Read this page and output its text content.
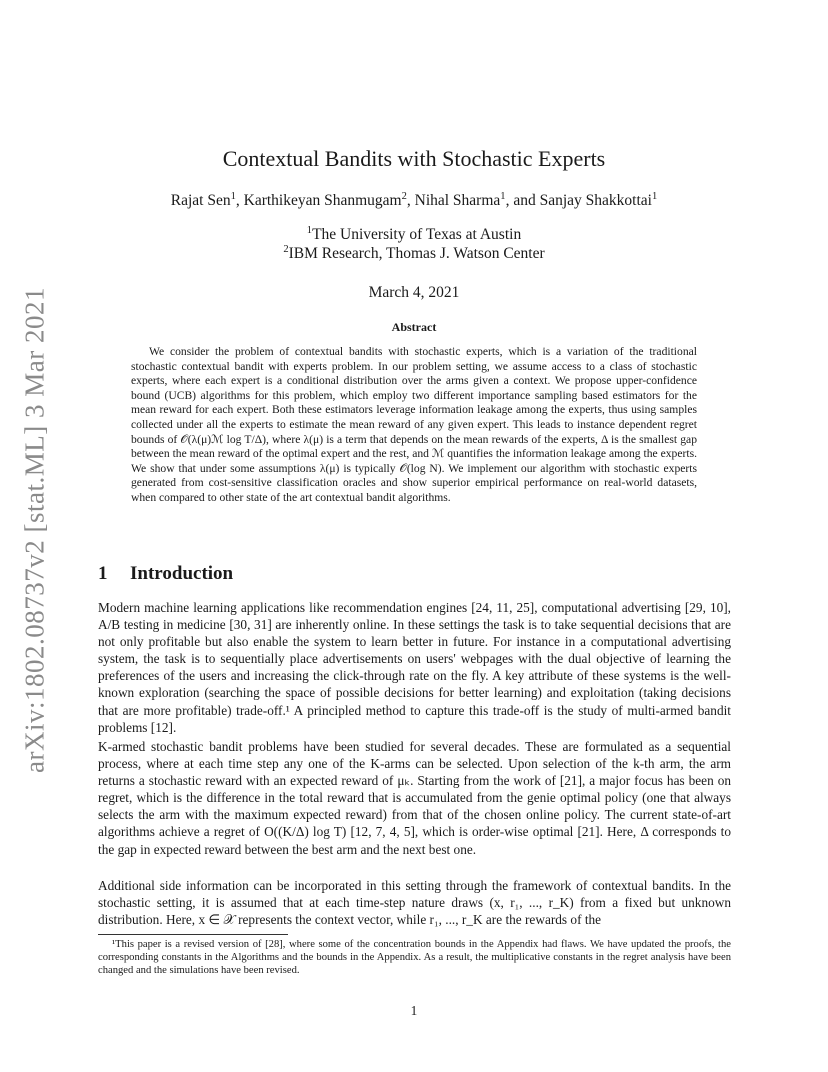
arXiv:1802.08737v2 [stat.ML] 3 Mar 2021
Contextual Bandits with Stochastic Experts
Rajat Sen$^1$, Karthikeyan Shanmugam$^2$, Nihal Sharma$^1$, and Sanjay Shakkottai$^1$
$^1$The University of Texas at Austin
$^2$IBM Research, Thomas J. Watson Center
March 4, 2021
Abstract

We consider the problem of contextual bandits with stochastic experts, which is a variation of the traditional stochastic contextual bandit with experts problem. In our problem setting, we assume access to a class of stochastic experts, where each expert is a conditional distribution over the arms given a context. We propose upper-confidence bound (UCB) algorithms for this problem, which employ two different importance sampling based estimators for the mean reward for each expert. Both these estimators leverage information leakage among the experts, thus using samples collected under all the experts to estimate the mean reward of any given expert. This leads to instance dependent regret bounds of 𝒪(λ(μ)ℳ log T/Δ), where λ(μ) is a term that depends on the mean rewards of the experts, Δ is the smallest gap between the mean reward of the optimal expert and the rest, and ℳ quantifies the information leakage among the experts. We show that under some assumptions λ(μ) is typically 𝒪(log N). We implement our algorithm with stochastic experts generated from cost-sensitive classification oracles and show superior empirical performance on real-world datasets, when compared to other state of the art contextual bandit algorithms.

1 Introduction

Modern machine learning applications like recommendation engines [24, 11, 25], computational advertising [29, 10], A/B testing in medicine [30, 31] are inherently online. In these settings the task is to take sequential decisions that are not only profitable but also enable the system to learn better in future. For instance in a computational advertising system, the task is to sequentially place advertisements on users' webpages with the dual objective of learning the preferences of the users and increasing the click-through rate on the fly. A key attribute of these systems is the well-known exploration (searching the space of possible decisions for better learning) and exploitation (taking decisions that are more profitable) trade-off.¹ A principled method to capture this trade-off is the study of multi-armed bandit problems [12].

K-armed stochastic bandit problems have been studied for several decades. These are formulated as a sequential process, where at each time step any one of the K-arms can be selected. Upon selection of the k-th arm, the arm returns a stochastic reward with an expected reward of μₖ. Starting from the work of [21], a major focus has been on regret, which is the difference in the total reward that is accumulated from the genie optimal policy (one that always selects the arm with the maximum expected reward) from that of the chosen online policy. The current state-of-art algorithms achieve a regret of O((K/Δ) log T) [12, 7, 4, 5], which is order-wise optimal [21]. Here, Δ corresponds to the gap in expected reward between the best arm and the next best one.

Additional side information can be incorporated in this setting through the framework of contextual bandits. In the stochastic setting, it is assumed that at each time-step nature draws (x, r₁, ..., r_K) from a fixed but unknown distribution. Here, x ∈ 𝒳 represents the context vector, while r₁, ..., r_K are the rewards of the

¹This paper is a revised version of [28], where some of the concentration bounds in the Appendix had flaws. We have updated the proofs, the corresponding constants in the Algorithms and the bounds in the Appendix. As a result, the multiplicative constants in the regret analysis have been changed and the simulations have been revised.

1
